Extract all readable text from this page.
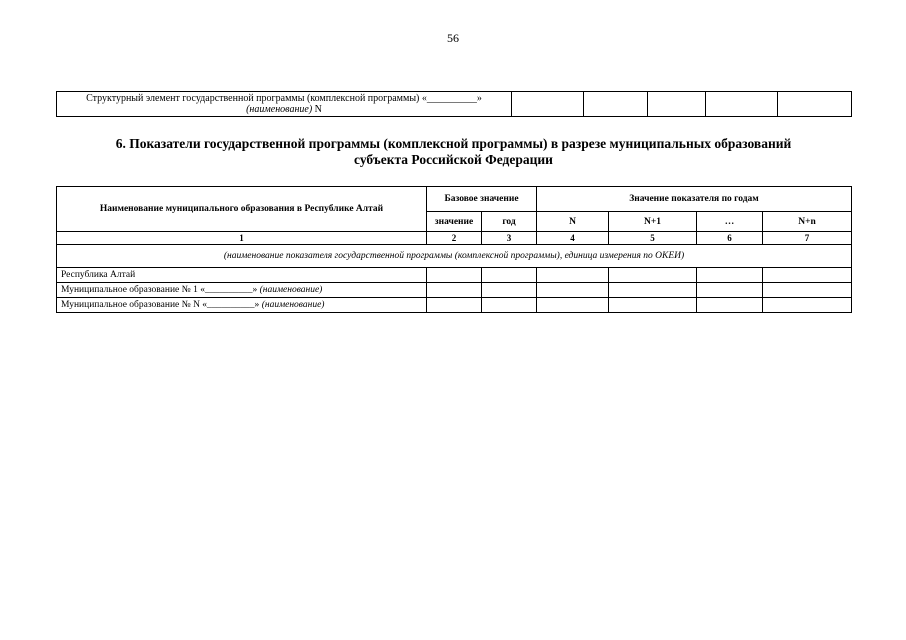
56
Структурный элемент государственной программы (комплексной программы) «__________»
(наименование) N

6. Показатели государственной программы (комплексной программы) в разрезе муниципальных образований
субъекта Российской Федерации
Наименование муниципального образования в Республике Алтай	Базовое значение		Значение показателя по годам			
	значение	год	N	N+1	…	N+n
1	2	3	4	5	6	7
(наименование показателя государственной программы (комплексной программы), единица измерения по ОКЕИ)						
Республика Алтай						
Муниципальное образование № 1 «__________» (наименование)						
Муниципальное образование № N «__________» (наименование)						
